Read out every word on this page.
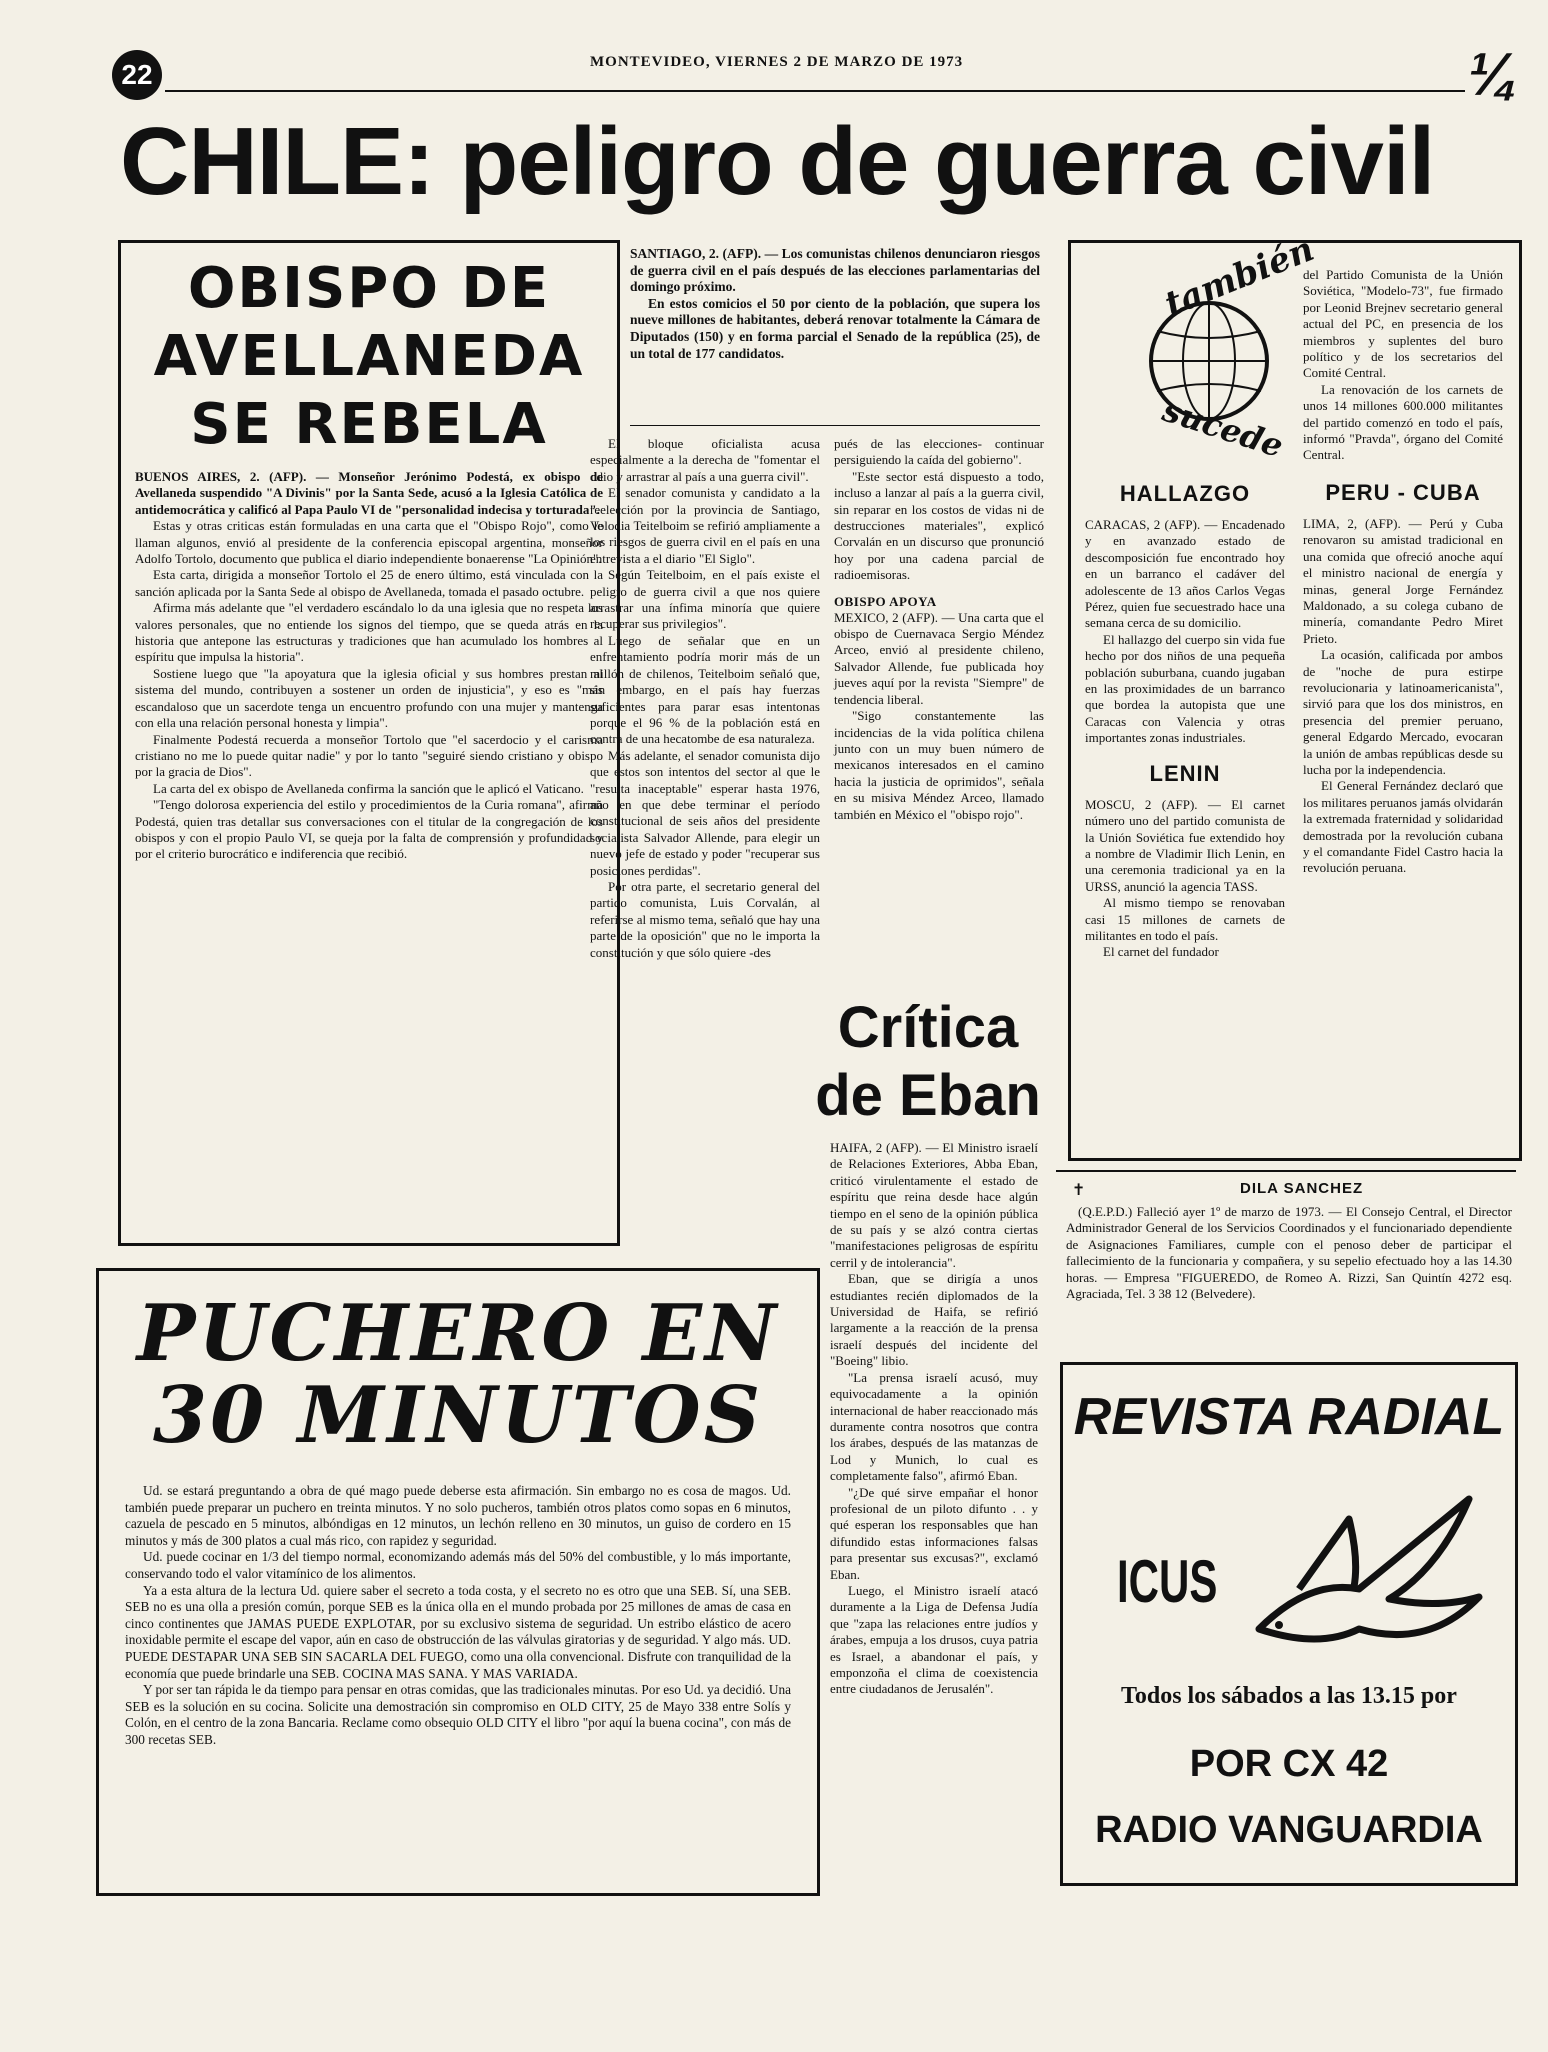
22	MONTEVIDEO, VIERNES 2 DE MARZO DE 1973	¼
CHILE: peligro de guerra civil
OBISPO DE AVELLANEDA SE REBELA

BUENOS AIRES, 2. (AFP). — Monseñor Jerónimo Podestá, ex obispo de Avellaneda suspendido "A Divinis" por la Santa Sede, acusó a la Iglesia Católica de antidemocrática y calificó al Papa Paulo VI de "personalidad indecisa y torturada".

Estas y otras criticas están formuladas en una carta que el "Obispo Rojo", como le llaman algunos, envió al presidente de la conferencia episcopal argentina, monseñor Adolfo Tortolo, documento que publica el diario independiente bonaerense "La Opinión".

Esta carta, dirigida a monseñor Tortolo el 25 de enero último, está vinculada con la sanción aplicada por la Santa Sede al obispo de Avellaneda, tomada el pasado octubre.

Afirma más adelante que "el verdadero escándalo lo da una iglesia que no respeta los valores personales, que no entiende los signos del tiempo, que se queda atrás en la historia que antepone las estructuras y tradiciones que han acumulado los hombres al espíritu que impulsa la historia".

Sostiene luego que "la apoyatura que la iglesia oficial y sus hombres prestan al sistema del mundo, contribuyen a sostener un orden de injusticia", y eso es "más escandaloso que un sacerdote tenga un encuentro profundo con una mujer y mantenga con ella una relación personal honesta y limpia".

Finalmente Podestá recuerda a monseñor Tortolo que "el sacerdocio y el carisma cristiano no me lo puede quitar nadie" y por lo tanto "seguiré siendo cristiano y obispo por la gracia de Dios".

La carta del ex obispo de Avellaneda confirma la sanción que le aplicó el Vaticano.

"Tengo dolorosa experiencia del estilo y procedimientos de la Curia romana", afirma Podestá, quien tras detallar sus conversaciones con el titular de la congregación de los obispos y con el propio Paulo VI, se queja por la falta de comprensión y profundidad y por el criterio burocrático e indiferencia que recibió.

SANTIAGO, 2. (AFP). — Los comunistas chilenos denunciaron riesgos de guerra civil en el país después de las elecciones parlamentarias del domingo próximo.
En estos comicios el 50 por ciento de la población, que supera los nueve millones de habitantes, deberá renovar totalmente la Cámara de Diputados (150) y en forma parcial el Senado de la república (25), de un total de 177 candidatos.

El bloque oficialista acusa especialmente a la derecha de "fomentar el odio y arrastrar al país a una guerra civil".

El senador comunista y candidato a la reelección por la provincia de Santiago, Volodia Teitelboim se refirió ampliamente a los riesgos de guerra civil en el país en una entrevista a el diario "El Siglo".

Según Teitelboim, en el país existe el peligro de guerra civil a que nos quiere arrastrar una ínfima minoría que quiere recuperar sus privilegios".

Luego de señalar que en un enfrentamiento podría morir más de un millón de chilenos, Teitelboim señaló que, sin embargo, en el país hay fuerzas suficientes para parar esas intentonas porque el 96 % de la población está en contra de una hecatombe de esa naturaleza.

Más adelante, el senador comunista dijo que estos son intentos del sector al que le "resulta inaceptable" esperar hasta 1976, año en que debe terminar el período constitucional de seis años del presidente socialista Salvador Allende, para elegir un nuevo jefe de estado y poder "recuperar sus posiciones perdidas".

Por otra parte, el secretario general del partido comunista, Luis Corvalán, al referirse al mismo tema, señaló que hay una parte de la oposición" que no le importa la constitución y que sólo quiere -des

pués de las elecciones- continuar persiguiendo la caída del gobierno".

"Este sector está dispuesto a todo, incluso a lanzar al país a la guerra civil, sin reparar en los costos de vidas ni de destrucciones materiales", explicó Corvalán en un discurso que pronunció hoy por una cadena parcial de radioemisoras.

OBISPO APOYA

MEXICO, 2 (AFP). — Una carta que el obispo de Cuernavaca Sergio Méndez Arceo, envió al presidente chileno, Salvador Allende, fue publicada hoy jueves aquí por la revista "Siempre" de tendencia liberal.

"Sigo constantemente las incidencias de la vida política chilena junto con un muy buen número de mexicanos interesados en el camino hacia la justicia de oprimidos", señala en su misiva Méndez Arceo, llamado también en México el "obispo rojo".

Crítica de Eban

HAIFA, 2 (AFP). — El Ministro israelí de Relaciones Exteriores, Abba Eban, criticó virulentamente el estado de espíritu que reina desde hace algún tiempo en el seno de la opinión pública de su país y se alzó contra ciertas "manifestaciones peligrosas de espíritu cerril y de intolerancia".

Eban, que se dirigía a unos estudiantes recién diplomados de la Universidad de Haifa, se refirió largamente a la reacción de la prensa israelí después del incidente del "Boeing" libio.

"La prensa israelí acusó, muy equivocadamente a la opinión internacional de haber reaccionado más duramente contra nosotros que contra los árabes, después de las matanzas de Lod y Munich, lo cual es completamente falso", afirmó Eban.

"¿De qué sirve empañar el honor profesional de un piloto difunto . . y qué esperan los responsables que han difundido estas informaciones falsas para presentar sus excusas?", exclamó Eban.

Luego, el Ministro israelí atacó duramente a la Liga de Defensa Judía que "zapa las relaciones entre judíos y árabes, empuja a los drusos, cuya patria es Israel, a abandonar el país, y emponzoña el clima de coexistencia entre ciudadanos de Jerusalén".

también
sucede
HALLAZGO

CARACAS, 2 (AFP). — Encadenado y en avanzado estado de descomposición fue encontrado hoy en un barranco el cadáver del adolescente de 13 años Carlos Vegas Pérez, quien fue secuestrado hace una semana cerca de su domicilio.

El hallazgo del cuerpo sin vida fue hecho por dos niños de una pequeña población suburbana, cuando jugaban en las proximidades de un barranco que bordea la autopista que une Caracas con Valencia y otras importantes zonas industriales.

LENIN

MOSCU, 2 (AFP). — El carnet número uno del partido comunista de la Unión Soviética fue extendido hoy a nombre de Vladimir Ilich Lenin, en una ceremonia tradicional ya en la URSS, anunció la agencia TASS.

Al mismo tiempo se renovaban casi 15 millones de carnets de militantes en todo el país.

El carnet del fundador

del Partido Comunista de la Unión Soviética, "Modelo-73", fue firmado por Leonid Brejnev secretario general actual del PC, en presencia de los miembros y suplentes del buro político y de los secretarios del Comité Central.

La renovación de los carnets de unos 14 millones 600.000 militantes del partido comenzó en todo el país, informó "Pravda", órgano del Comité Central.

PERU - CUBA

LIMA, 2, (AFP). — Perú y Cuba renovaron su amistad tradicional en una comida que ofreció anoche aquí el ministro nacional de energía y minas, general Jorge Fernández Maldonado, a su colega cubano de minería, comandante Pedro Miret Prieto.

La ocasión, calificada por ambos de "noche de pura estirpe revolucionaria y latinoamericanista", sirvió para que los dos ministros, en presencia del premier peruano, general Edgardo Mercado, evocaran la unión de ambas repúblicas desde su lucha por la independencia.

El General Fernández declaró que los militares peruanos jamás olvidarán la extremada fraternidad y solidaridad demostrada por la revolución cubana y el comandante Fidel Castro hacia la revolución peruana.

✝	DILA SANCHEZ

(Q.E.P.D.) Falleció ayer 1º de marzo de 1973. — El Consejo Central, el Director Administrador General de los Servicios Coordinados y el funcionariado dependiente de Asignaciones Familiares, cumple con el penoso deber de participar el fallecimiento de la funcionaria y compañera, y su sepelio efectuado hoy a las 14.30 horas. — Empresa "FIGUEREDO, de Romeo A. Rizzi, San Quintín 4272 esq. Agraciada, Tel. 3 38 12 (Belvedere).

PUCHERO EN
30 MINUTOS

Ud. se estará preguntando a obra de qué mago puede deberse esta afirmación. Sin embargo no es cosa de magos. Ud. también puede preparar un puchero en treinta minutos. Y no solo pucheros, también otros platos como sopas en 6 minutos, cazuela de pescado en 5 minutos, albóndigas en 12 minutos, un lechón relleno en 30 minutos, un guiso de cordero en 15 minutos y más de 300 platos a cual más rico, con rapidez y seguridad.

Ud. puede cocinar en 1/3 del tiempo normal, economizando además más del 50% del combustible, y lo más importante, conservando todo el valor vitamínico de los alimentos.

Ya a esta altura de la lectura Ud. quiere saber el secreto a toda costa, y el secreto no es otro que una SEB. Sí, una SEB. SEB no es una olla a presión común, porque SEB es la única olla en el mundo probada por 25 millones de amas de casa en cinco continentes que JAMAS PUEDE EXPLOTAR, por su exclusivo sistema de seguridad. Un estribo elástico de acero inoxidable permite el escape del vapor, aún en caso de obstrucción de las válvulas giratorias y de seguridad. Y algo más. UD. PUEDE DESTAPAR UNA SEB SIN SACARLA DEL FUEGO, como una olla convencional. Disfrute con tranquilidad de la economía que puede brindarle una SEB. COCINA MAS SANA. Y MAS VARIADA.

Y por ser tan rápida le da tiempo para pensar en otras comidas, que las tradicionales minutas. Por eso Ud. ya decidió. Una SEB es la solución en su cocina. Solicite una demostración sin compromiso en OLD CITY, 25 de Mayo 338 entre Solís y Colón, en el centro de la zona Bancaria. Reclame como obsequio OLD CITY el libro "por aquí la buena cocina", con más de 300 recetas SEB.

REVISTA RADIAL
ICUS
Todos los sábados a las 13.15 por
POR CX 42
RADIO VANGUARDIA
